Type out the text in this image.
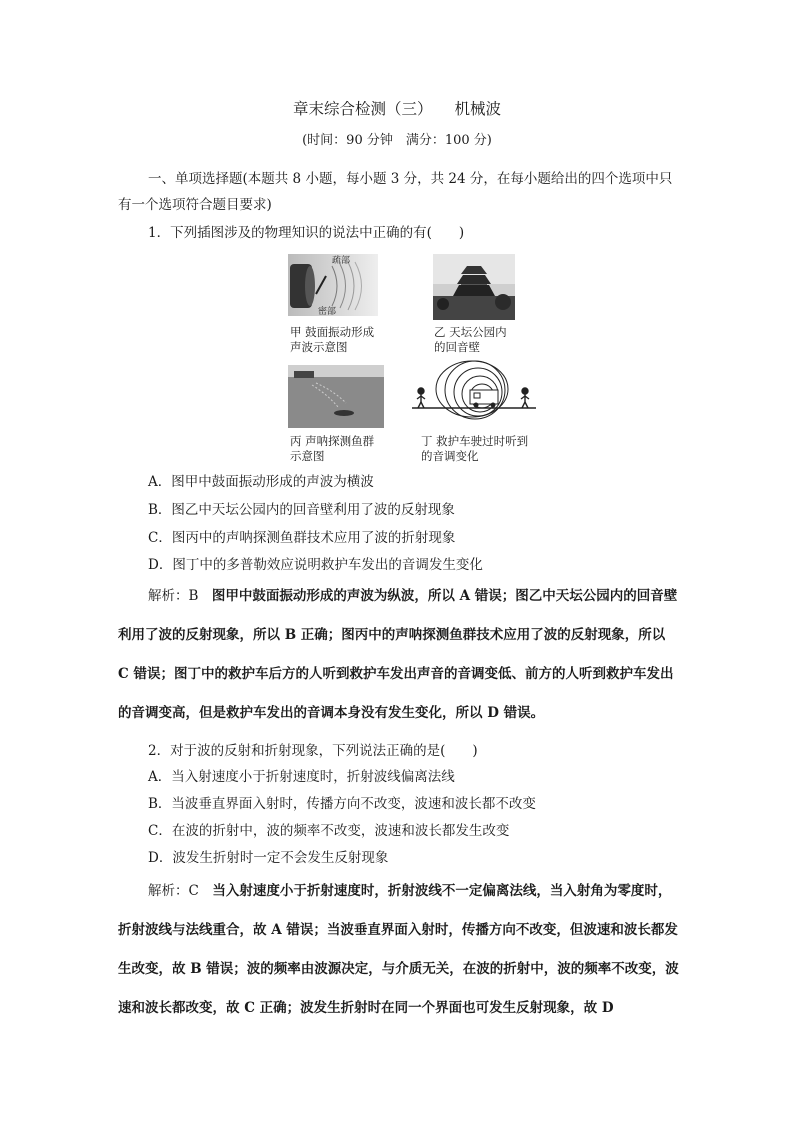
章末综合检测（三） 机械波
(时间：90 分钟　满分：100 分)
一、单项选择题(本题共 8 小题，每小题 3 分，共 24 分，在每小题给出的四个选项中只有一个选项符合题目要求)
1．下列插图涉及的物理知识的说法中正确的有(　　)
疏部
密部
甲 鼓面振动形成
声波示意图
乙 天坛公园内
的回音壁
丙 声呐探测鱼群
示意图
丁 救护车驶过时听到
的音调变化
A．图甲中鼓面振动形成的声波为横波
B．图乙中天坛公园内的回音壁利用了波的反射现象
C．图丙中的声呐探测鱼群技术应用了波的折射现象
D．图丁中的多普勒效应说明救护车发出的音调发生变化
解析：B　 图甲中鼓面振动形成的声波为纵波，所以 A 错误；图乙中天坛公园内的回音壁利用了波的反射现象，所以 B 正确；图丙中的声呐探测鱼群技术应用了波的反射现象，所以 C 错误；图丁中的救护车后方的人听到救护车发出声音的音调变低、前方的人听到救护车发出的音调变高，但是救护车发出的音调本身没有发生变化，所以 D 错误。
2．对于波的反射和折射现象，下列说法正确的是(　　)
A．当入射速度小于折射速度时，折射波线偏离法线
B．当波垂直界面入射时，传播方向不改变，波速和波长都不改变
C．在波的折射中，波的频率不改变，波速和波长都发生改变
D．波发生折射时一定不会发生反射现象
解析：C　 当入射速度小于折射速度时，折射波线不一定偏离法线，当入射角为零度时，折射波线与法线重合，故 A 错误；当波垂直界面入射时，传播方向不改变，但波速和波长都发生改变，故 B 错误；波的频率由波源决定，与介质无关，在波的折射中，波的频率不改变，波速和波长都改变，故 C 正确；波发生折射时在同一个界面也可发生反射现象，故 D
